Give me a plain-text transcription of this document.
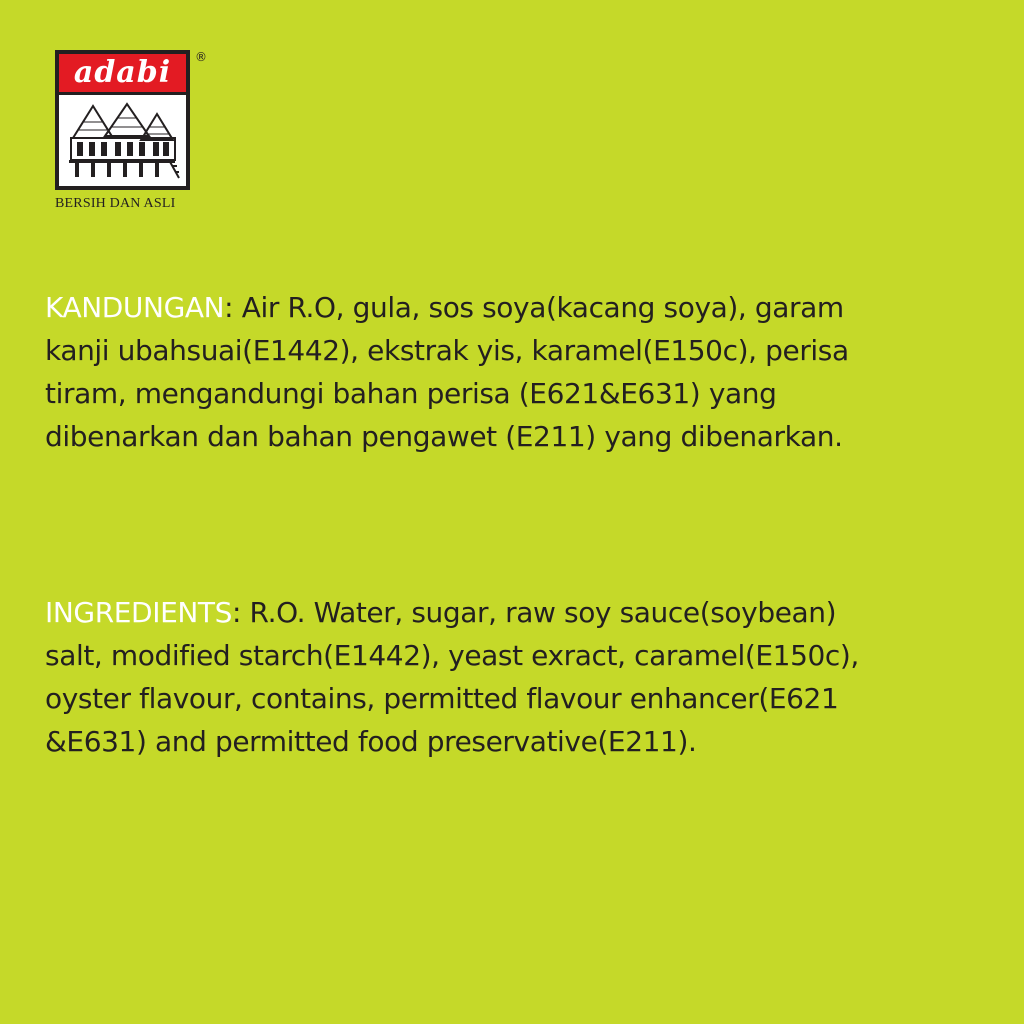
adabi	®
BERSIH DAN ASLI
KANDUNGAN: Air R.O, gula, sos soya(kacang soya), garam
kanji ubahsuai(E1442), ekstrak yis, karamel(E150c), perisa
tiram, mengandungi bahan perisa (E621&E631) yang
dibenarkan dan bahan pengawet (E211) yang dibenarkan.
INGREDIENTS: R.O. Water, sugar, raw soy sauce(soybean)
salt, modified starch(E1442), yeast exract, caramel(E150c),
oyster flavour, contains, permitted flavour enhancer(E621
&E631) and permitted food preservative(E211).
